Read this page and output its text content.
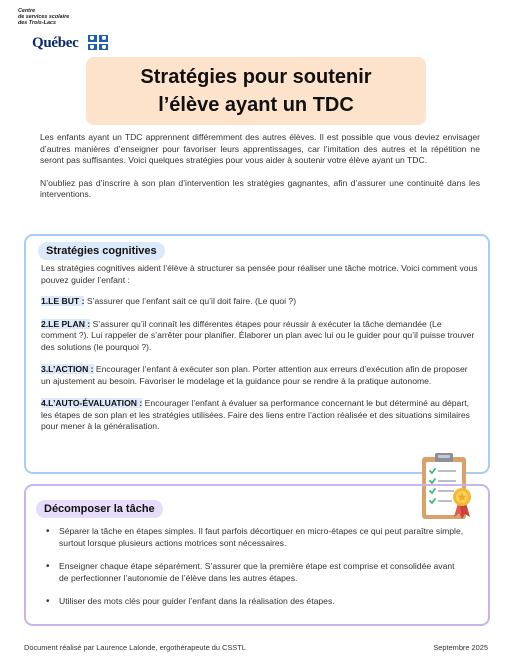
Centre
de services scolaire
des Trois-Lacs
Québec
Stratégies pour soutenir
l’élève ayant un TDC

Les enfants ayant un TDC apprennent différemment des autres élèves. Il est possible que vous deviez envisager d’autres manières d’enseigner pour favoriser leurs apprentissages, car l’imitation des autres et la répétition ne seront pas suffisantes. Voici quelques stratégies pour vous aider à soutenir votre élève ayant un TDC.

N’oubliez pas d’inscrire à son plan d’intervention les stratégies gagnantes, afin d’assurer une continuité dans les interventions.

Stratégies cognitives
Les stratégies cognitives aident l’élève à structurer sa pensée pour réaliser une tâche motrice. Voici comment vous pouvez guider l’enfant :
1.LE BUT : S’assurer que l’enfant sait ce qu’il doit faire. (Le quoi ?)
2.LE PLAN : S’assurer qu’il connaît les différentes étapes pour réussir à exécuter la tâche demandée (Le comment ?). Lui rappeler de s’arrêter pour planifier. Élaborer un plan avec lui ou le guider pour qu’il puisse trouver des solutions (le pourquoi ?).
3.L’ACTION : Encourager l’enfant à exécuter son plan. Porter attention aux erreurs d’exécution afin de proposer un ajustement au besoin. Favoriser le modelage et la guidance pour se rendre à la pratique autonome.
4.L’AUTO-ÉVALUATION : Encourager l’enfant à évaluer sa performance concernant le but déterminé au départ, les étapes de son plan et les stratégies utilisées. Faire des liens entre l’action réalisée et des situations similaires pour mener à la généralisation.
Décomposer la tâche
• Séparer la tâche en étapes simples. Il faut parfois décortiquer en micro-étapes ce qui peut paraître simple, surtout lorsque plusieurs actions motrices sont nécessaires.
• Enseigner chaque étape séparément. S’assurer que la première étape est comprise et consolidée avant de perfectionner l’autonomie de l’élève dans les autres étapes.
• Utiliser des mots clés pour guider l’enfant dans la réalisation des étapes.
Document réalisé par Laurence Lalonde, ergothérapeute du CSSTL	Septembre 2025
